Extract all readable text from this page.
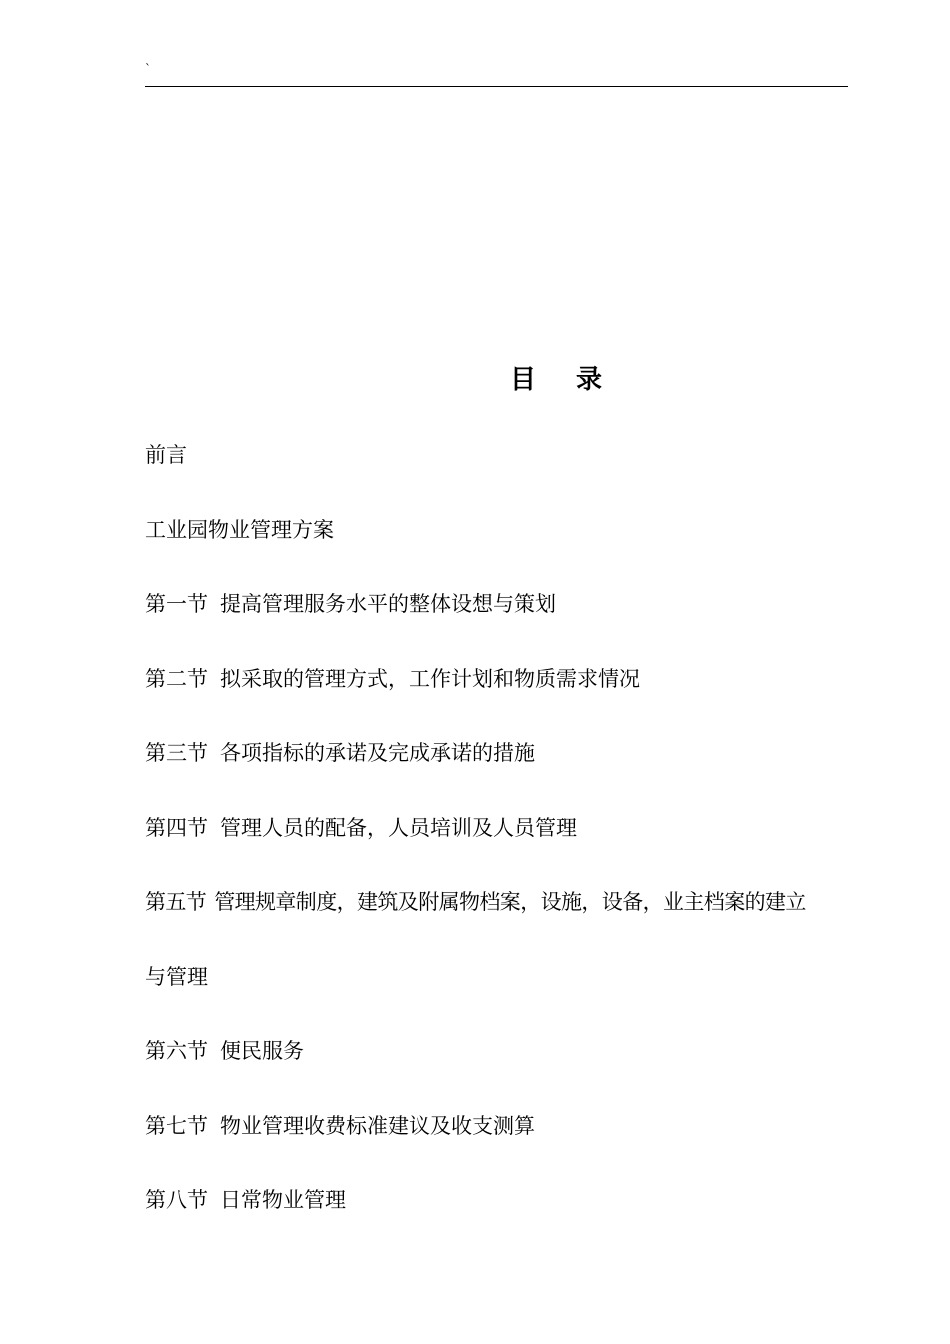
`
目 录
前言
工业园物业管理方案
第一节 提高管理服务水平的整体设想与策划
第二节 拟采取的管理方式，工作计划和物质需求情况
第三节 各项指标的承诺及完成承诺的措施
第四节 管理人员的配备，人员培训及人员管理
第五节 管理规章制度，建筑及附属物档案，设施，设备，业主档案的建立
与管理
第六节 便民服务
第七节 物业管理收费标准建议及收支测算
第八节 日常物业管理
